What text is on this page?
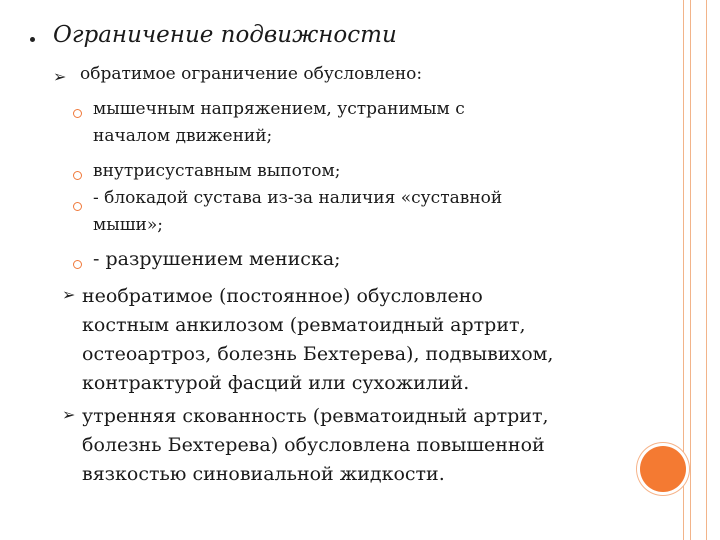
Ограничение подвижности
➢ обратимое ограничение обусловлено:
мышечным напряжением, устранимым с
началом движений;
внутрисуставным выпотом;
- блокадой сустава из-за наличия «суставной
мыши»;
- разрушением мениска;
➢ необратимое (постоянное) обусловлено
костным анкилозом (ревматоидный артрит,
остеоартроз, болезнь Бехтерева), подвывихом,
контрактурой фасций или сухожилий.
➢ утренняя скованность (ревматоидный артрит,
болезнь Бехтерева) обусловлена повышенной
вязкостью синовиальной жидкости.
